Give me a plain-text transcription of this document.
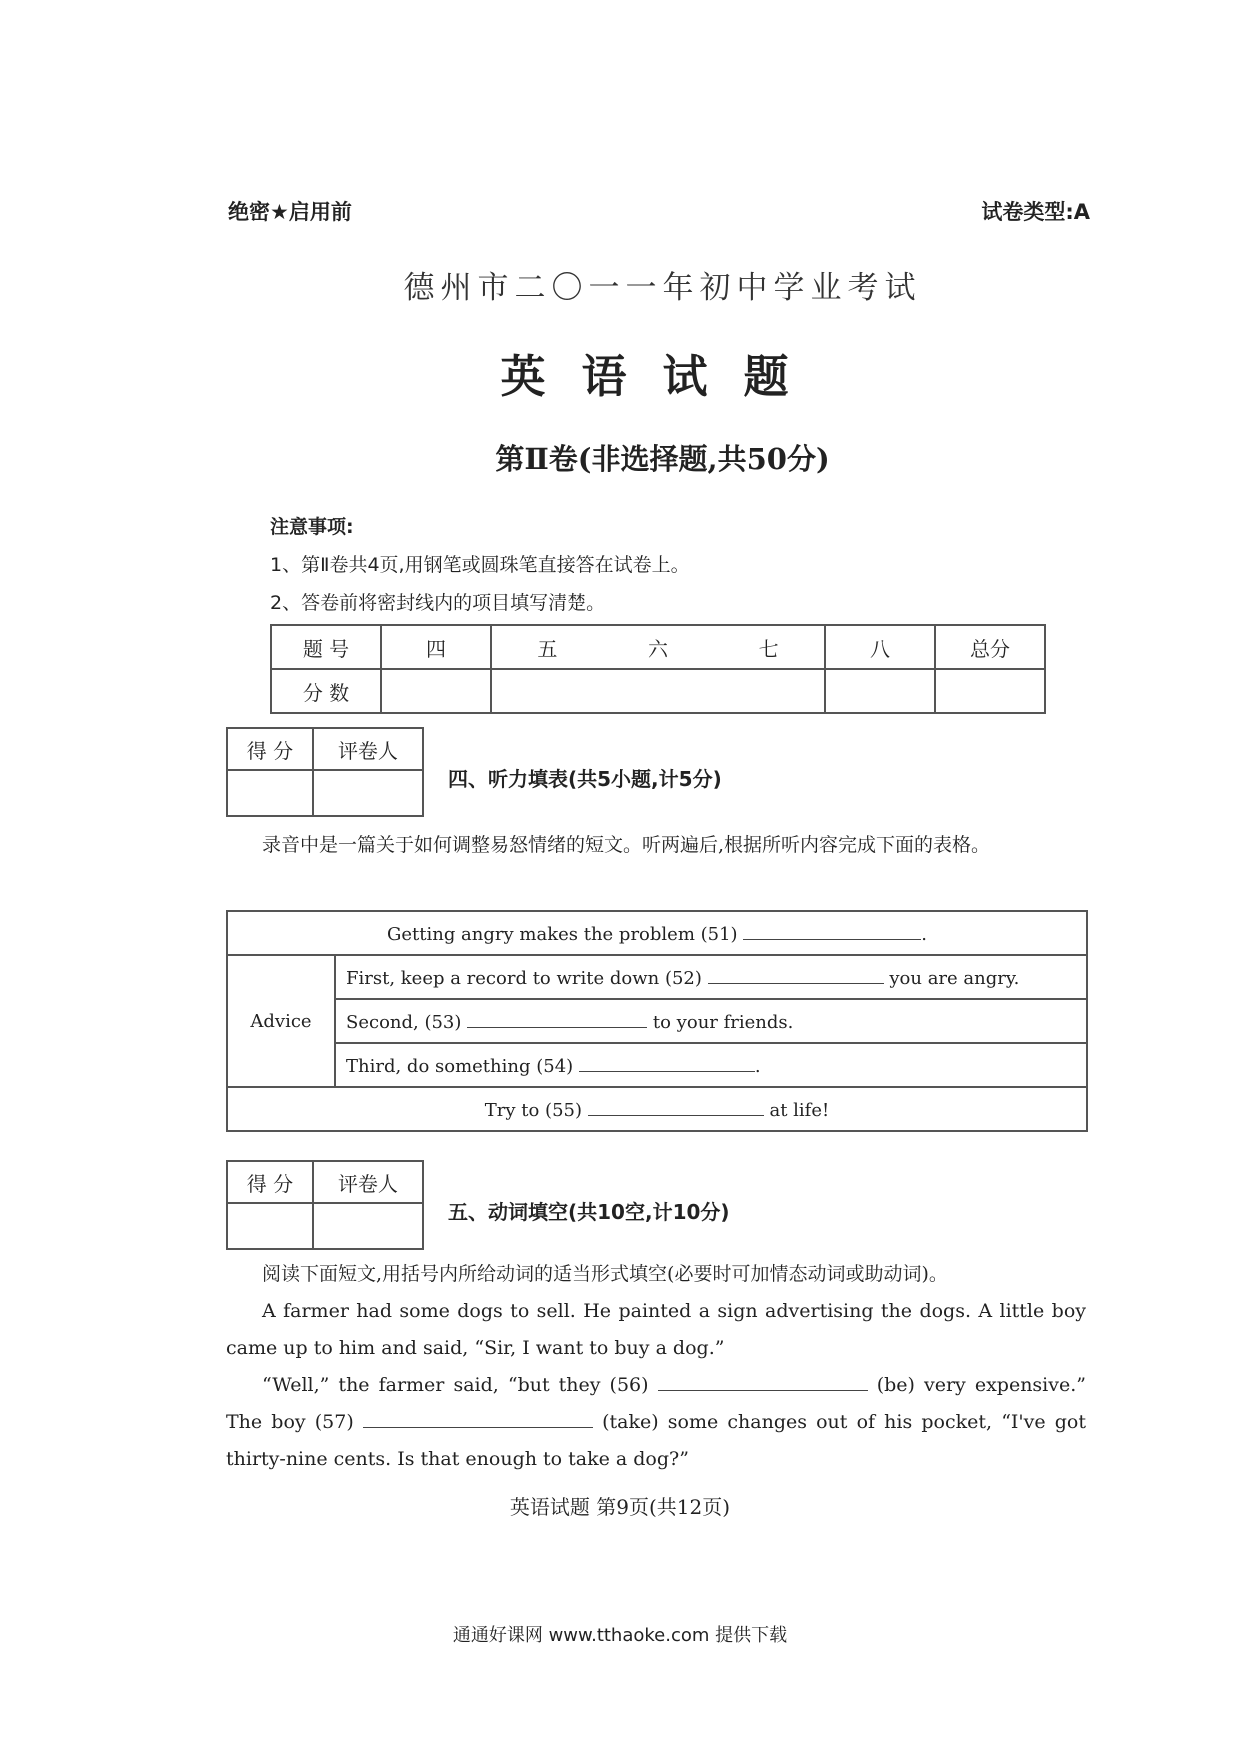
绝密★启用前	试卷类型:A
德州市二〇一一年初中学业考试
英语试题
第Ⅱ卷(非选择题,共50分)
注意事项:
1、第Ⅱ卷共4页,用钢笔或圆珠笔直接答在试卷上。
2、答卷前将密封线内的项目填写清楚。
题 号	四	五 六 七	八	总分
分 数				
得 分	评卷人

四、听力填表(共5小题,计5分)
录音中是一篇关于如何调整易怒情绪的短文。听两遍后,根据所听内容完成下面的表格。
Getting angry makes the problem (51)	.
Advice	First, keep a record to write down (52)	you are angry.
Second, (53)	to your friends.
Third, do something (54)	.
Try to (55)	at life!
得 分	评卷人

五、动词填空(共10空,计10分)
阅读下面短文,用括号内所给动词的适当形式填空(必要时可加情态动词或助动词)。
A farmer had some dogs to sell. He painted a sign advertising the dogs. A little boy came up to him and said, “Sir, I want to buy a dog.”
“Well,” the farmer said, “but they (56)	(be) very expensive.” The boy (57)	(take) some changes out of his pocket, “I've got thirty-nine cents. Is that enough to take a dog?”
英语试题 第9页(共12页)
通通好课网 www.tthaoke.com 提供下载
